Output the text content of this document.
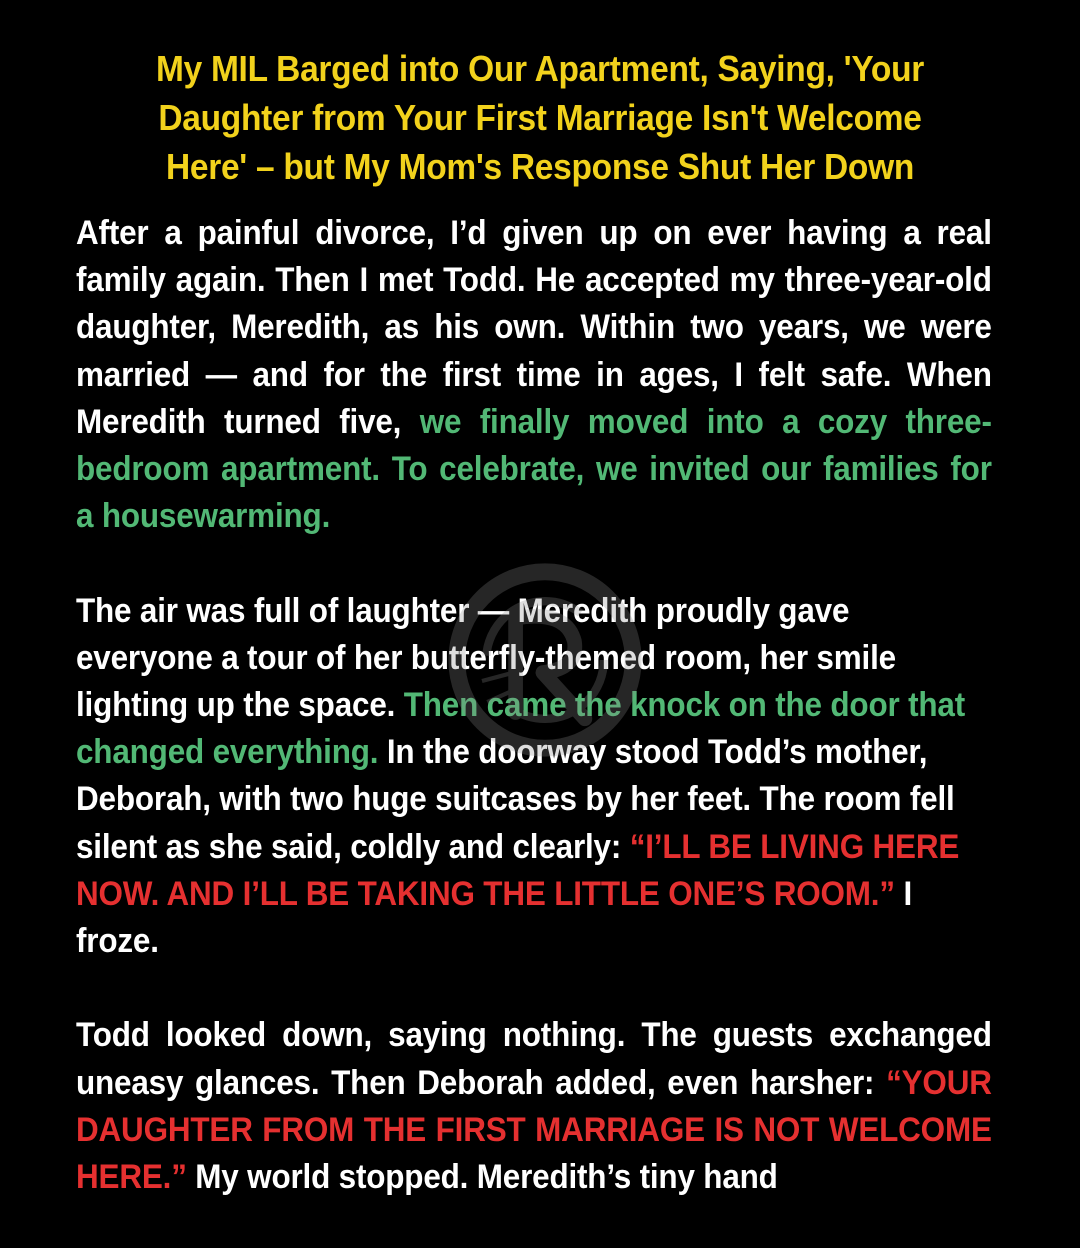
My MIL Barged into Our Apartment, Saying, 'Your Daughter from Your First Marriage Isn't Welcome Here' – but My Mom's Response Shut Her Down

After a painful divorce, I’d given up on ever having a real family again. Then I met Todd. He accepted my three-year-old daughter, Meredith, as his own. Within two years, we were married — and for the first time in ages, I felt safe. When Meredith turned five, we finally moved into a cozy three-bedroom apartment. To celebrate, we invited our families for a housewarming.

The air was full of laughter — Meredith proudly gave everyone a tour of her butterfly-themed room, her smile lighting up the space. Then came the knock on the door that changed everything. In the doorway stood Todd’s mother, Deborah, with two huge suitcases by her feet. The room fell silent as she said, coldly and clearly: “I’LL BE LIVING HERE NOW. AND I’LL BE TAKING THE LITTLE ONE’S ROOM.” I froze.

Todd looked down, saying nothing. The guests exchanged uneasy glances. Then Deborah added, even harsher: “YOUR DAUGHTER FROM THE FIRST MARRIAGE IS NOT WELCOME HERE.” My world stopped. Meredith’s tiny hand
